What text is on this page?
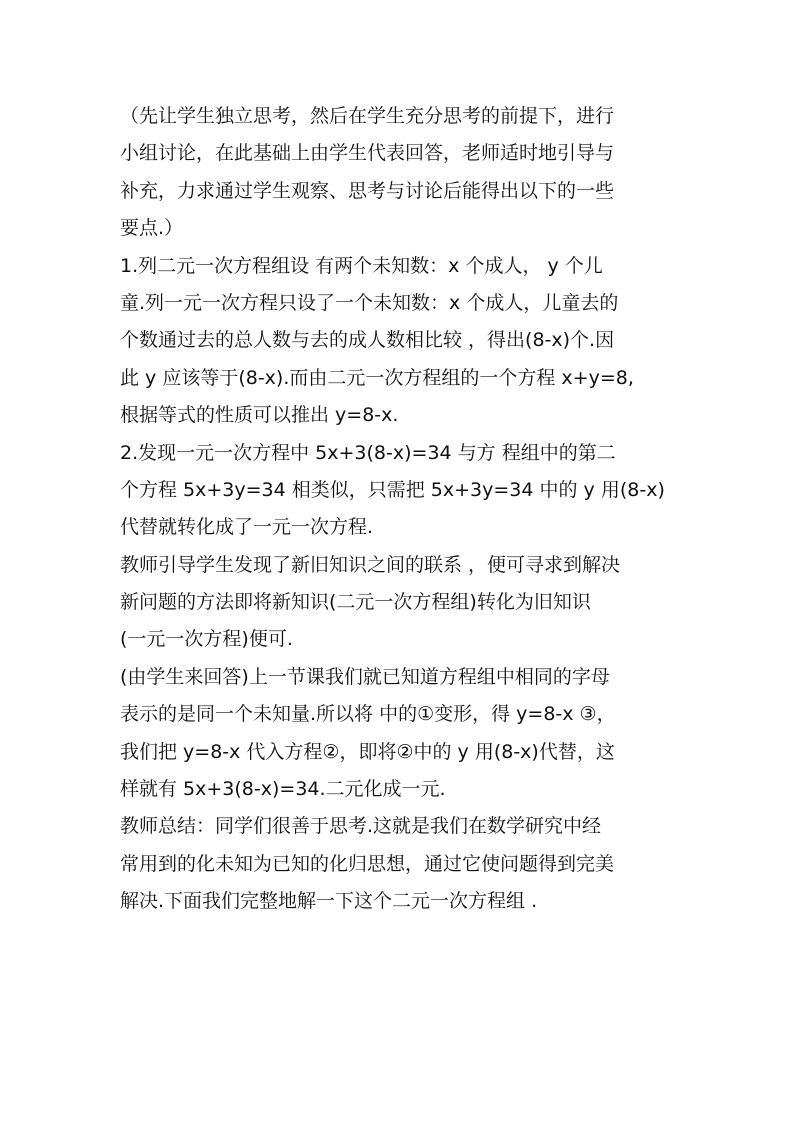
（先让学生独立思考，然后在学生充分思考的前提下，进行
小组讨论，在此基础上由学生代表回答，老师适时地引导与
补充，力求通过学生观察、思考与讨论后能得出以下的一些
要点.）
1.列二元一次方程组设 有两个未知数：x 个成人， y 个儿
童.列一元一次方程只设了一个未知数：x 个成人，儿童去的
个数通过去的总人数与去的成人数相比较 ，得出(8-x)个.因
此 y 应该等于(8-x).而由二元一次方程组的一个方程 x+y=8,
根据等式的性质可以推出 y=8-x.
2.发现一元一次方程中 5x+3(8-x)=34 与方 程组中的第二
个方程 5x+3y=34 相类似，只需把 5x+3y=34 中的 y 用(8-x)
代替就转化成了一元一次方程.
教师引导学生发现了新旧知识之间的联系 ，便可寻求到解决
新问题的方法即将新知识(二元一次方程组)转化为旧知识
(一元一次方程)便可.
(由学生来回答)上一节课我们就已知道方程组中相同的字母
表示的是同一个未知量.所以将 中的①变形，得 y=8-x ③，
我们把 y=8-x 代入方程②，即将②中的 y 用(8-x)代替，这
样就有 5x+3(8-x)=34.二元化成一元.
教师总结：同学们很善于思考.这就是我们在数学研究中经
常用到的化未知为已知的化归思想，通过它使问题得到完美
解决.下面我们完整地解一下这个二元一次方程组 .
